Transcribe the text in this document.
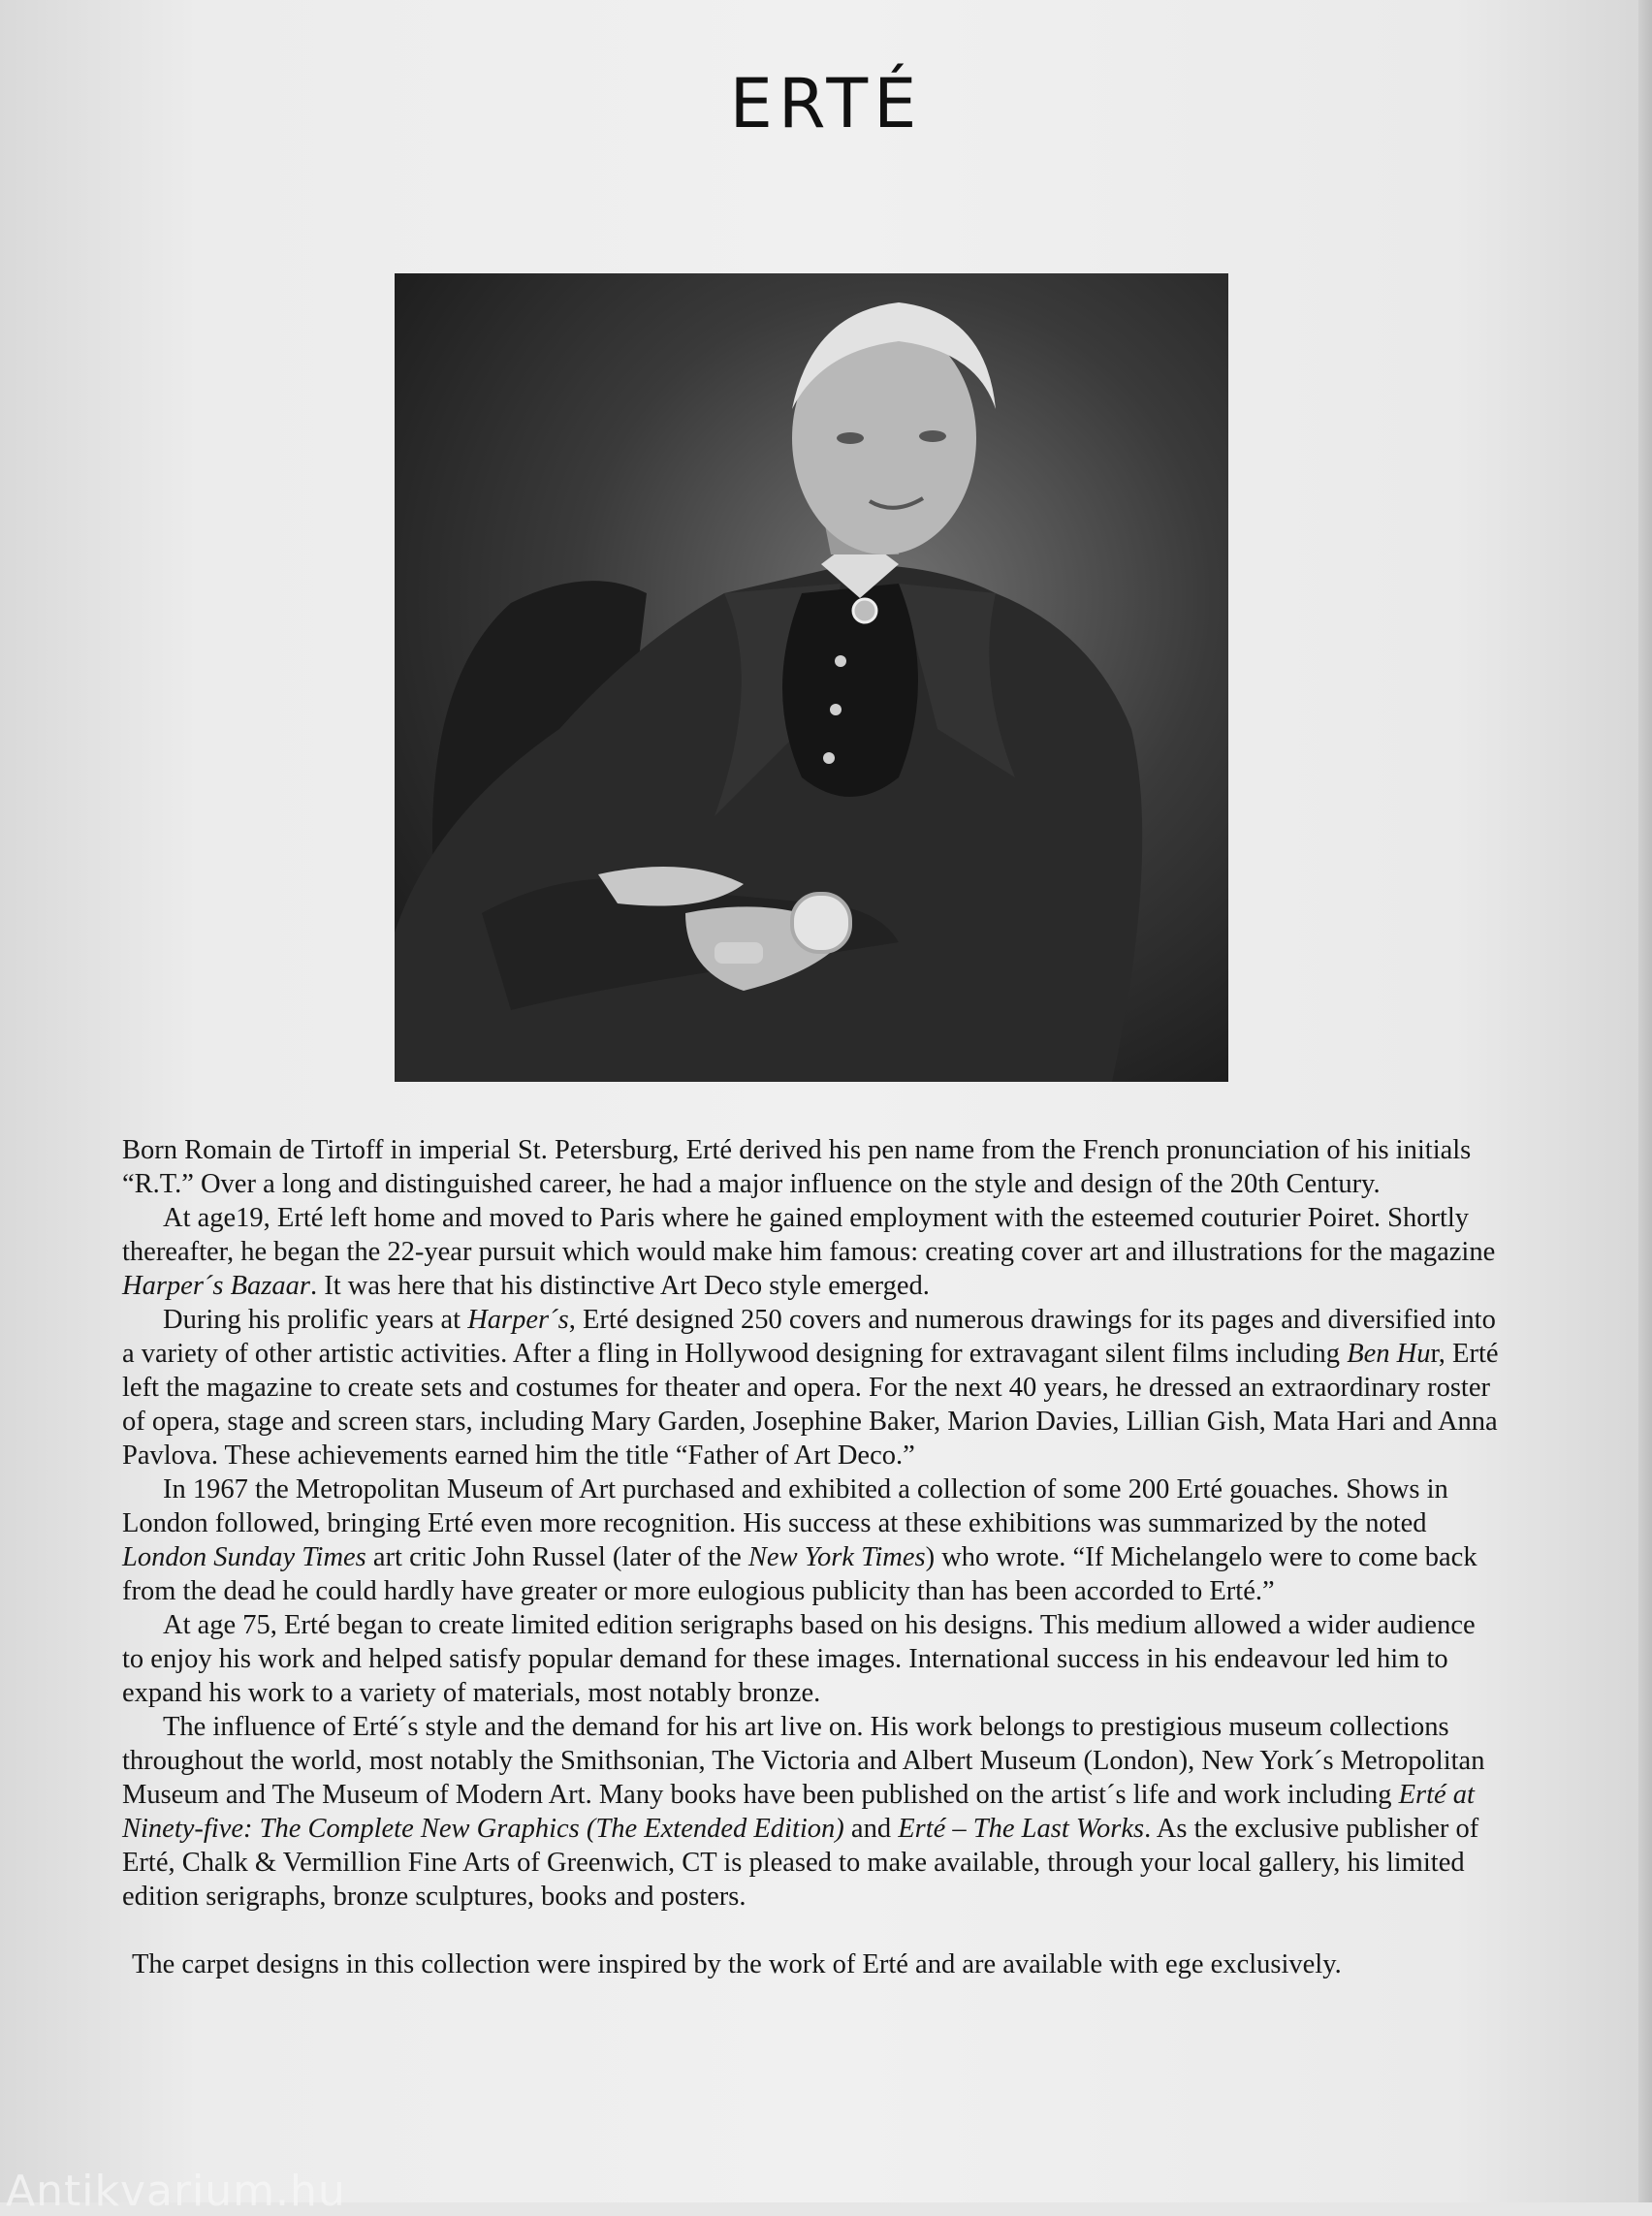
ERTÉ

Born Romain de Tirtoff in imperial St. Petersburg, Erté derived his pen name from the French pronunciation of his initials “R.T.” Over a long and distinguished career, he had a major influence on the style and design of the 20th Century.

At age19, Erté left home and moved to Paris where he gained employment with the esteemed couturier Poiret. Shortly thereafter, he began the 22-year pursuit which would make him famous: creating cover art and illustrations for the magazine Harper´s Bazaar. It was here that his distinctive Art Deco style emerged.

During his prolific years at Harper´s, Erté designed 250 covers and numerous drawings for its pages and diversified into a variety of other artistic activities. After a fling in Hollywood designing for extravagant silent films including Ben Hur, Erté left the magazine to create sets and costumes for theater and opera. For the next 40 years, he dressed an extraordinary roster of opera, stage and screen stars, including Mary Garden, Josephine Baker, Marion Davies, Lillian Gish, Mata Hari and Anna Pavlova. These achievements earned him the title “Father of Art Deco.”

In 1967 the Metropolitan Museum of Art purchased and exhibited a collection of some 200 Erté gouaches. Shows in London followed, bringing Erté even more recognition. His success at these exhibitions was summarized by the noted London Sunday Times art critic John Russel (later of the New York Times) who wrote. “If Michelangelo were to come back from the dead he could hardly have greater or more eulogious publicity than has been accorded to Erté.”

At age 75, Erté began to create limited edition serigraphs based on his designs. This medium allowed a wider audience to enjoy his work and helped satisfy popular demand for these images. International success in his endeavour led him to expand his work to a variety of materials, most notably bronze.

The influence of Erté´s style and the demand for his art live on. His work belongs to prestigious museum collections throughout the world, most notably the Smithsonian, The Victoria and Albert Museum (London), New York´s Metropolitan Museum and The Museum of Modern Art. Many books have been published on the artist´s life and work including Erté at Ninety-five: The Complete New Graphics (The Extended Edition) and Erté – The Last Works. As the exclusive publisher of Erté, Chalk & Vermillion Fine Arts of Greenwich, CT is pleased to make available, through your local gallery, his limited edition serigraphs, bronze sculptures, books and posters.

The carpet designs in this collection were inspired by the work of Erté and are available with ege exclusively.

Antikvarium.hu
